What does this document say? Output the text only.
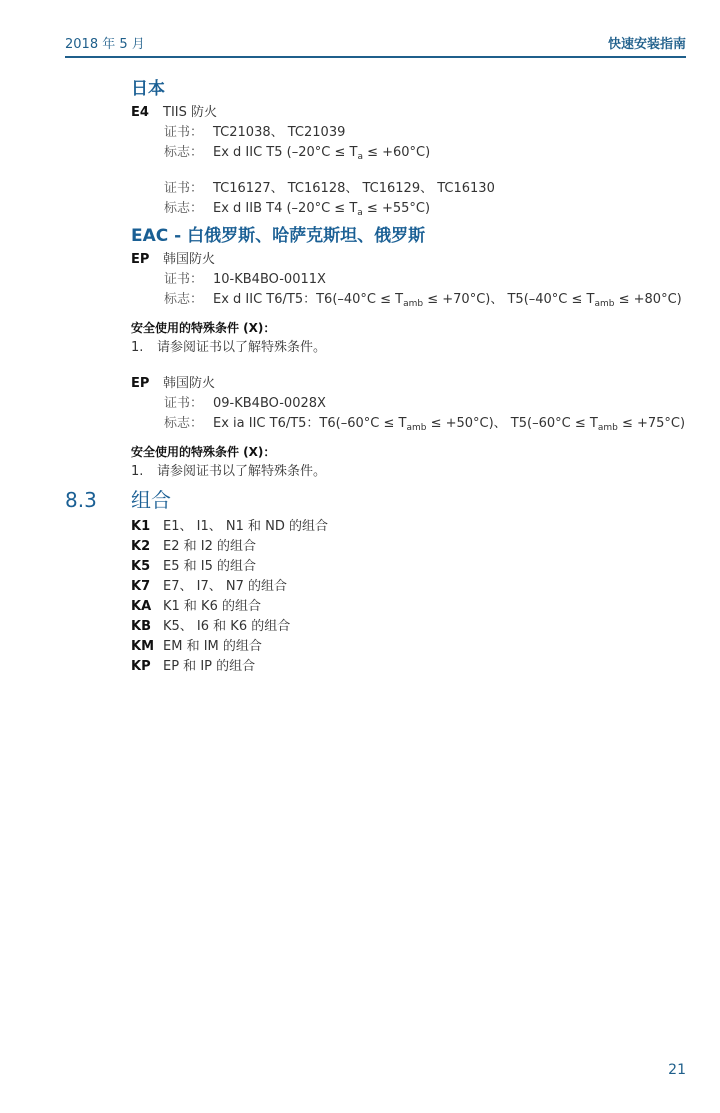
2018 年 5 月	快速安装指南
日本
E4	TIIS 防火
证书： TC21038、 TC21039
标志： Ex d IIC T5 $(-20^\circ C \le T_a \le +60^\circ C)$
证书： TC16127、 TC16128、 TC16129、 TC16130
标志： Ex d IIB T4 $(-20^\circ C \le T_a \le +55^\circ C)$
EAC - 白俄罗斯、哈萨克斯坦、俄罗斯
EP	韩国防火
证书： 10-KB4BO-0011X
标志： Ex d IIC T6/T5：$T6(-40^\circ C \le T_{amb} \le +70^\circ C)$、 $T5(-40^\circ C \le T_{amb} \le +80^\circ C)$
安全使用的特殊条件 (X)：
1. 请参阅证书以了解特殊条件。
EP	韩国防火
证书： 09-KB4BO-0028X
标志： Ex ia IIC T6/T5：$T6(-60^\circ C \le T_{amb} \le +50^\circ C)$、 $T5(-60^\circ C \le T_{amb} \le +75^\circ C)$
安全使用的特殊条件 (X)：
1. 请参阅证书以了解特殊条件。
8.3	组合
K1 E1、 I1、 N1 和 ND 的组合
K2 E2 和 I2 的组合
K5 E5 和 I5 的组合
K7 E7、 I7、 N7 的组合
KA K1 和 K6 的组合
KB K5、 I6 和 K6 的组合
KM EM 和 IM 的组合
KP EP 和 IP 的组合
21
